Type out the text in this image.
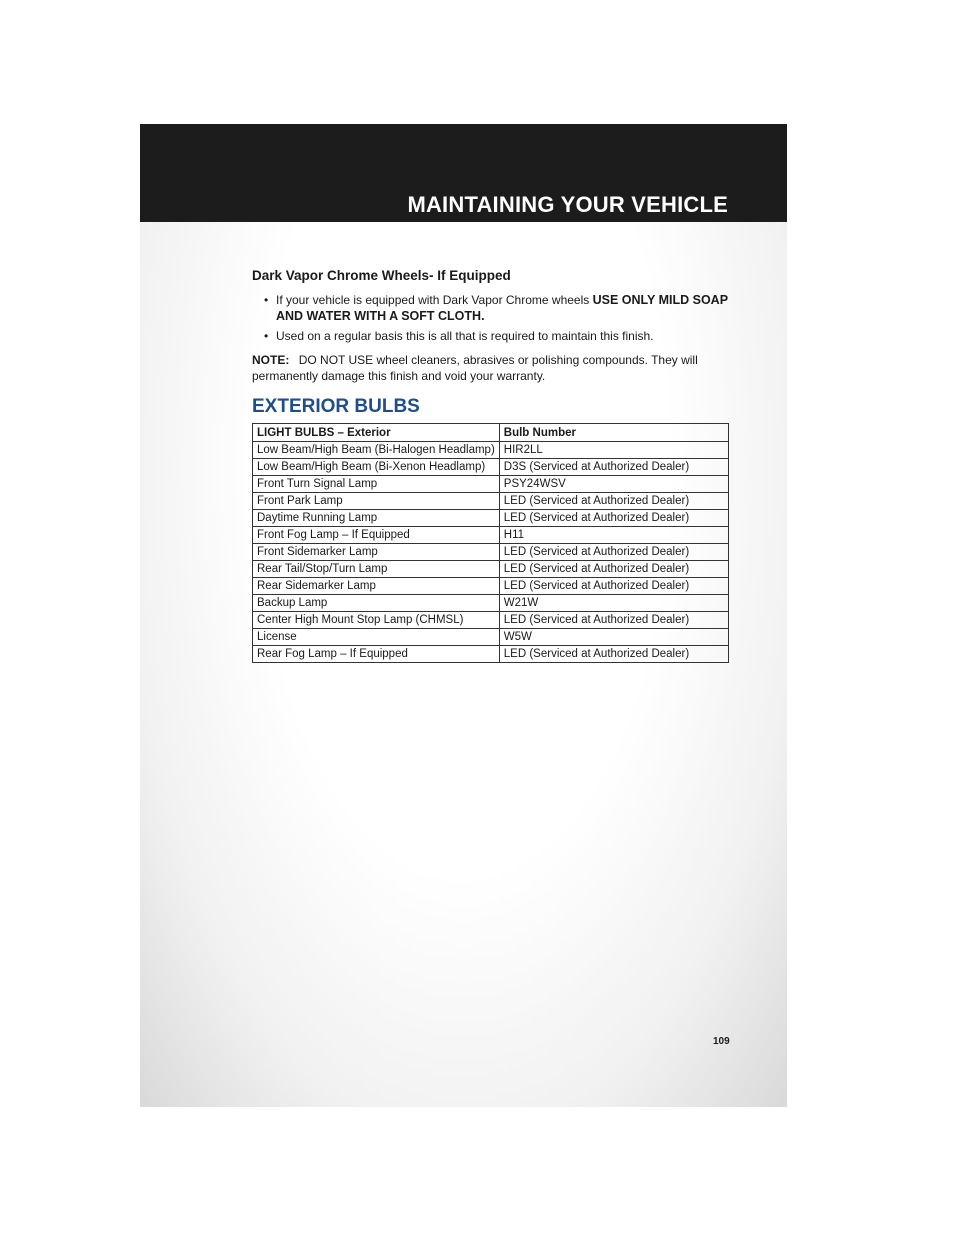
MAINTAINING YOUR VEHICLE
Dark Vapor Chrome Wheels- If Equipped
• If your vehicle is equipped with Dark Vapor Chrome wheels USE ONLY MILD SOAP AND WATER WITH A SOFT CLOTH.
• Used on a regular basis this is all that is required to maintain this finish.

NOTE: DO NOT USE wheel cleaners, abrasives or polishing compounds. They will permanently damage this finish and void your warranty.

EXTERIOR BULBS
LIGHT BULBS – Exterior	Bulb Number
Low Beam/High Beam (Bi-Halogen Headlamp)	HIR2LL
Low Beam/High Beam (Bi-Xenon Headlamp)	D3S (Serviced at Authorized Dealer)
Front Turn Signal Lamp	PSY24WSV
Front Park Lamp	LED (Serviced at Authorized Dealer)
Daytime Running Lamp	LED (Serviced at Authorized Dealer)
Front Fog Lamp – If Equipped	H11
Front Sidemarker Lamp	LED (Serviced at Authorized Dealer)
Rear Tail/Stop/Turn Lamp	LED (Serviced at Authorized Dealer)
Rear Sidemarker Lamp	LED (Serviced at Authorized Dealer)
Backup Lamp	W21W
Center High Mount Stop Lamp (CHMSL)	LED (Serviced at Authorized Dealer)
License	W5W
Rear Fog Lamp – If Equipped	LED (Serviced at Authorized Dealer)
109
